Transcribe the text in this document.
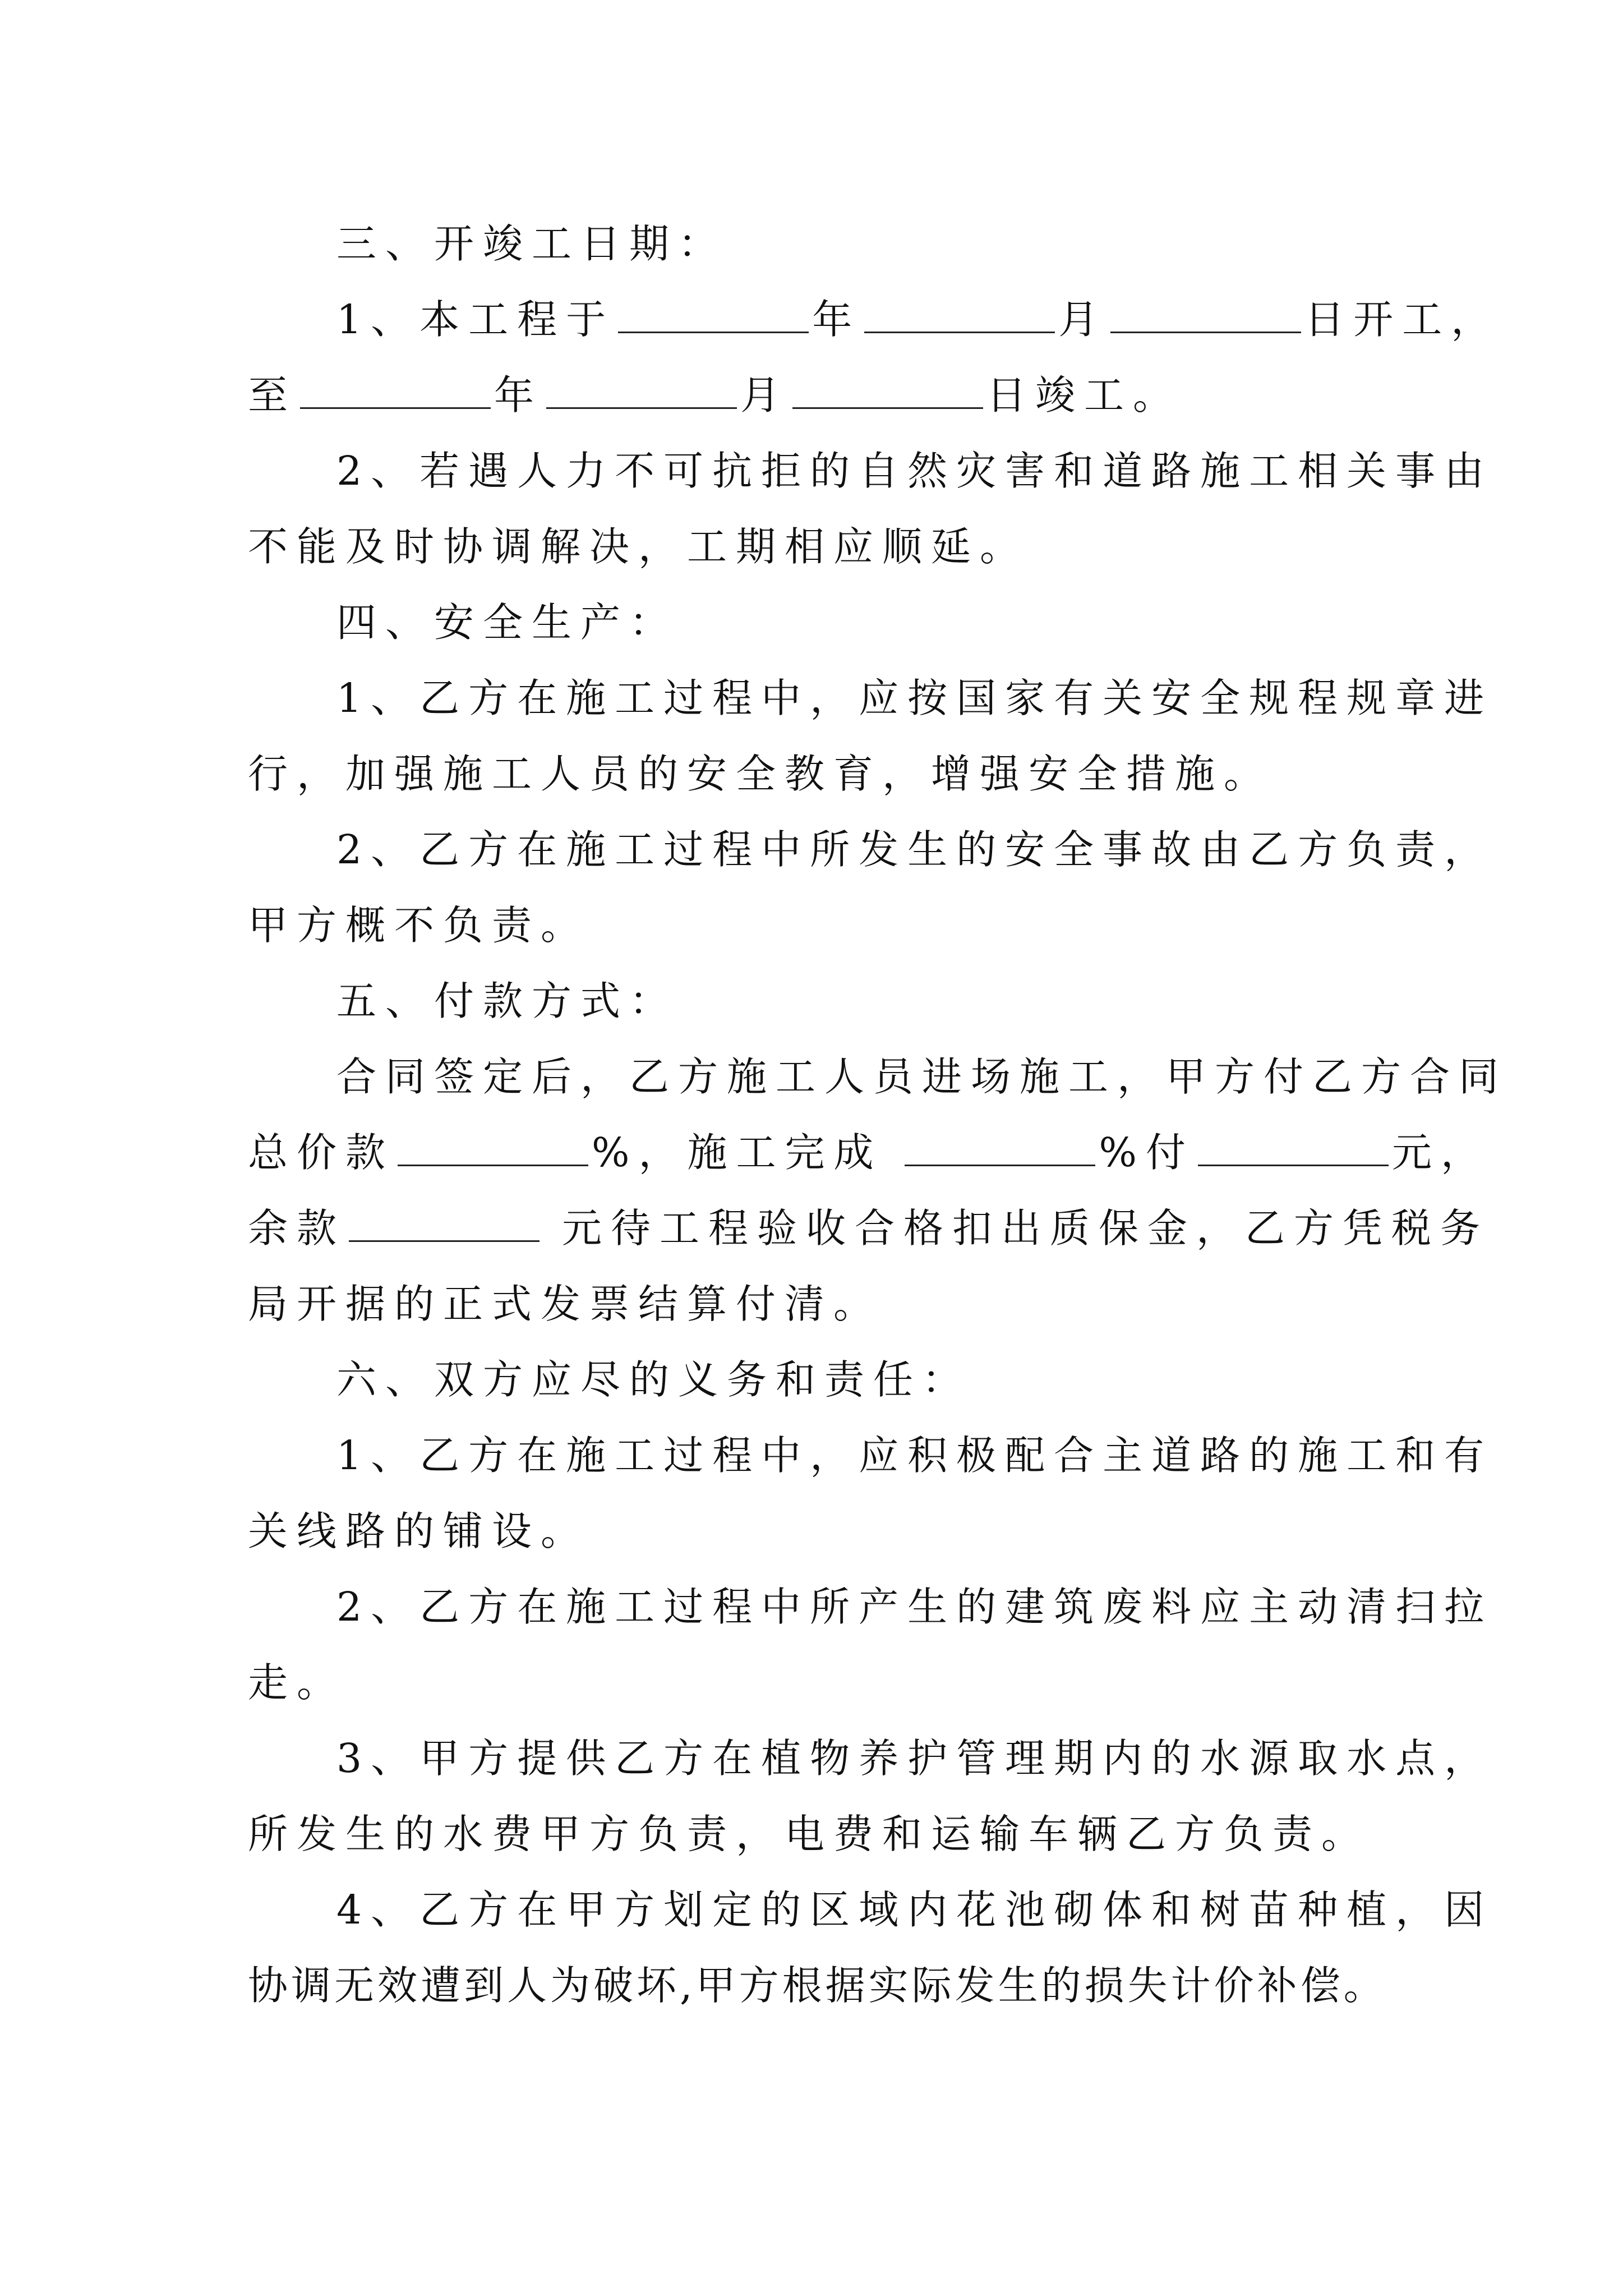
三、开竣工日期：
1、本工程于	年	月	日开工，
至	年	月	日竣工。
2、若遇人力不可抗拒的自然灾害和道路施工相关事由
不能及时协调解决，工期相应顺延。
四、安全生产：
1、乙方在施工过程中，应按国家有关安全规程规章进
行，加强施工人员的安全教育，增强安全措施。
2、乙方在施工过程中所发生的安全事故由乙方负责，
甲方概不负责。
五、付款方式：
合同签定后，乙方施工人员进场施工，甲方付乙方合同
总价款	%，施工完成	%付	元，
余款	元待工程验收合格扣出质保金，乙方凭税务
局开据的正式发票结算付清。
六、双方应尽的义务和责任：
1、乙方在施工过程中，应积极配合主道路的施工和有
关线路的铺设。
2、乙方在施工过程中所产生的建筑废料应主动清扫拉
走。
3、甲方提供乙方在植物养护管理期内的水源取水点，
所发生的水费甲方负责，电费和运输车辆乙方负责。
4、乙方在甲方划定的区域内花池砌体和树苗种植，因
协调无效遭到人为破坏,甲方根据实际发生的损失计价补偿。
